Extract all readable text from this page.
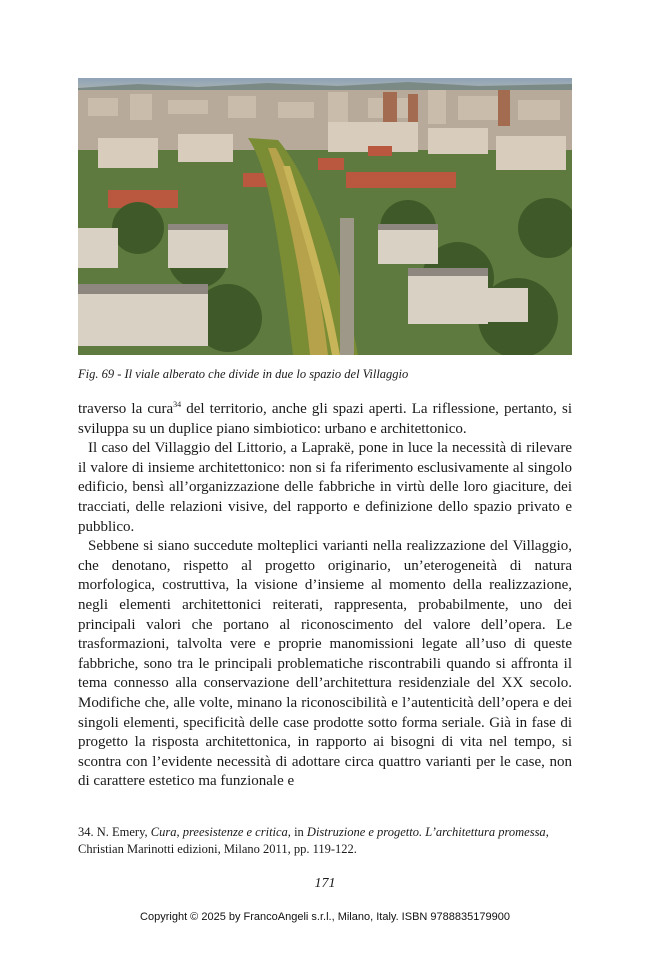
Fig. 69 - Il viale alberato che divide in due lo spazio del Villaggio

traverso la cura$^{34}$ del territorio, anche gli spazi aperti. La riflessione, pertanto, si sviluppa su un duplice piano simbiotico: urbano e architettonico.

Il caso del Villaggio del Littorio, a Laprakë, pone in luce la necessità di rilevare il valore di insieme architettonico: non si fa riferimento esclusivamente al singolo edificio, bensì all’organizzazione delle fabbriche in virtù delle loro giaciture, dei tracciati, delle relazioni visive, del rapporto e definizione dello spazio privato e pubblico.

Sebbene si siano succedute molteplici varianti nella realizzazione del Villaggio, che denotano, rispetto al progetto originario, un’eterogeneità di natura morfologica, costruttiva, la visione d’insieme al momento della realizzazione, negli elementi architettonici reiterati, rappresenta, probabilmente, uno dei principali valori che portano al riconoscimento del valore dell’opera. Le trasformazioni, talvolta vere e proprie manomissioni legate all’uso di queste fabbriche, sono tra le principali problematiche riscontrabili quando si affronta il tema connesso alla conservazione dell’architettura residenziale del XX secolo. Modifiche che, alle volte, minano la riconoscibilità e l’autenticità dell’opera e dei singoli elementi, specificità delle case prodotte sotto forma seriale. Già in fase di progetto la risposta architettonica, in rapporto ai bisogni di vita nel tempo, si scontra con l’evidente necessità di adottare circa quattro varianti per le case, non di carattere estetico ma funzionale e

34. N. Emery, Cura, preesistenze e critica, in Distruzione e progetto. L’architettura promessa, Christian Marinotti edizioni, Milano 2011, pp. 119-122.
171
Copyright © 2025 by FrancoAngeli s.r.l., Milano, Italy. ISBN 9788835179900
